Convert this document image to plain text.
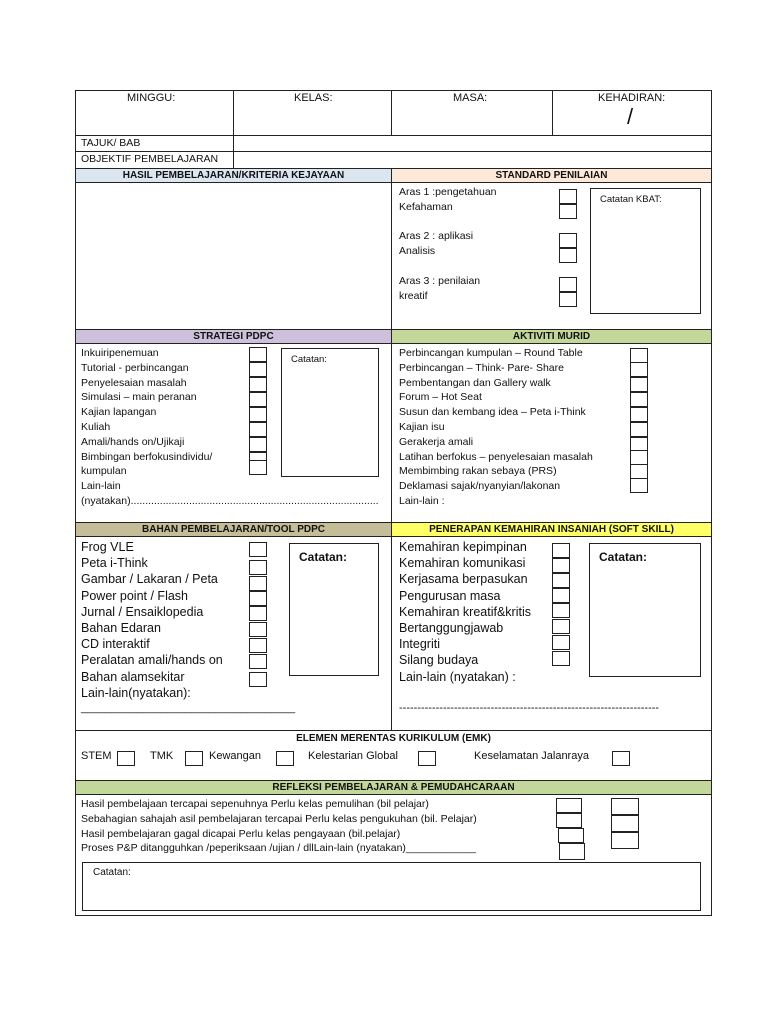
MINGGU:	KELAS:	MASA:	KEHADIRAN:
/
TAJUK/ BAB
OBJEKTIF PEMBELAJARAN
HASIL PEMBELAJARAN/KRITERIA KEJAYAAN	STANDARD PENILAIAN
Aras 1 :pengetahuan
Kefahaman
Aras 2 : aplikasi
Analisis
Aras 3 : penilaian
kreatif
Catatan KBAT:
STRATEGI PDPC	AKTIVITI MURID
Inkuiripenemuan
Tutorial - perbincangan
Penyelesaian masalah
Simulasi – main peranan
Kajian lapangan
Kuliah
Amali/hands on/Ujikaji
Bimbingan berfokusindividu/
kumpulan
Lain-lain
(nyatakan).....................................................................................
Catatan:
Perbincangan kumpulan – Round Table
Perbincangan – Think- Pare- Share
Pembentangan dan Gallery walk
Forum – Hot Seat
Susun dan kembang idea – Peta i-Think
Kajian isu
Gerakerja amali
Latihan berfokus – penyelesaian masalah
Membimbing rakan sebaya (PRS)
Deklamasi sajak/nyanyian/lakonan
Lain-lain :
BAHAN PEMBELAJARAN/TOOL PDPC	PENERAPAN KEMAHIRAN INSANIAH (SOFT SKILL)
Frog VLE
Peta i-Think
Gambar / Lakaran / Peta
Power point / Flash
Jurnal / Ensaiklopedia
Bahan Edaran
CD interaktif
Peralatan amali/hands on
Bahan alamsekitar
Lain-lain(nyatakan):
___________________________________
Catatan:
Kemahiran kepimpinan
Kemahiran komunikasi
Kerjasama berpasukan
Pengurusan masa
Kemahiran kreatif&kritis
Bertanggungjawab
Integriti
Silang budaya
Lain-lain (nyatakan) :
-----------------------------------------------------------------------
Catatan:
ELEMEN MERENTAS KURIKULUM (EMK)
STEM	TMK	Kewangan	Kelestarian Global	Keselamatan Jalanraya
REFLEKSI PEMBELAJARAN & PEMUDAHCARAAN
Hasil pembelajaan tercapai sepenuhnya Perlu kelas pemulihan (bil pelajar)
Sebahagian sahajah asil pembelajaran tercapai Perlu kelas pengukuhan (bil. Pelajar)
Hasil pembelajaran gagal dicapai Perlu kelas pengayaan (bil.pelajar)
Proses P&P ditangguhkan /peperiksaan /ujian / dllLain-lain (nyatakan)____________
Catatan:
